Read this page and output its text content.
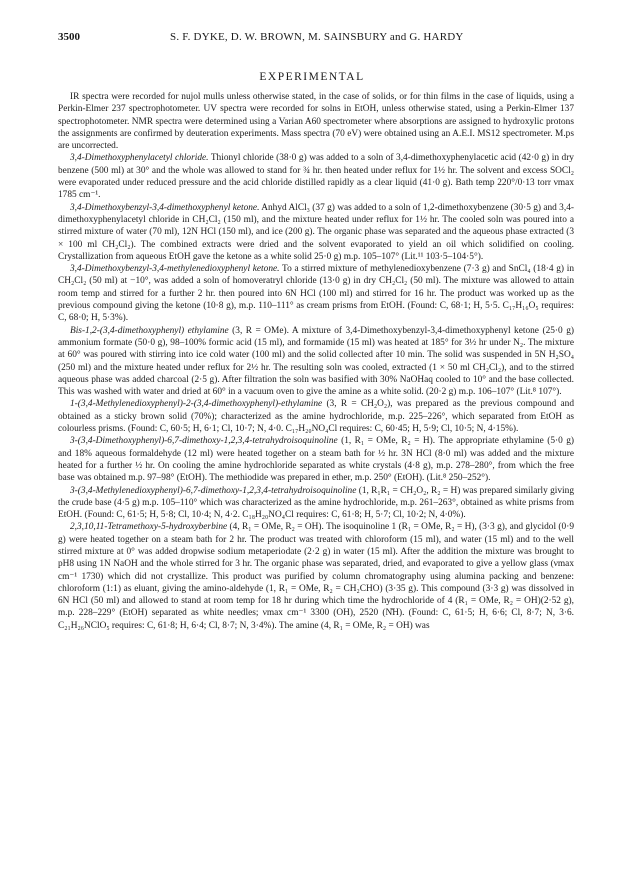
3500	S. F. DYKE, D. W. BROWN, M. SAINSBURY and G. HARDY
EXPERIMENTAL

IR spectra were recorded for nujol mulls unless otherwise stated, in the case of solids, or for thin films in the case of liquids, using a Perkin-Elmer 237 spectrophotometer. UV spectra were recorded for solns in EtOH, unless otherwise stated, using a Perkin-Elmer 137 spectrophotometer. NMR spectra were determined using a Varian A60 spectrometer where absorptions are assigned to hydroxylic protons the assignments are confirmed by deuteration experiments. Mass spectra (70 eV) were obtained using an A.E.I. MS12 spectrometer. M.ps are uncorrected.

3,4-Dimethoxyphenylacetyl chloride. Thionyl chloride (38·0 g) was added to a soln of 3,4-dimethoxyphenylacetic acid (42·0 g) in dry benzene (500 ml) at 30° and the whole was allowed to stand for ¾ hr. then heated under reflux for 1½ hr. The solvent and excess SOCl₂ were evaporated under reduced pressure and the acid chloride distilled rapidly as a clear liquid (41·0 g). Bath temp 220°/0·13 torr νmax 1785 cm⁻¹.

3,4-Dimethoxybenzyl-3,4-dimethoxyphenyl ketone. Anhyd AlCl₃ (37 g) was added to a soln of 1,2-dimethoxybenzene (30·5 g) and 3,4-dimethoxyphenylacetyl chloride in CH₂Cl₂ (150 ml), and the mixture heated under reflux for 1½ hr. The cooled soln was poured into a stirred mixture of water (70 ml), 12N HCl (150 ml), and ice (200 g). The organic phase was separated and the aqueous phase extracted (3 × 100 ml CH₂Cl₂). The combined extracts were dried and the solvent evaporated to yield an oil which solidified on cooling. Crystallization from aqueous EtOH gave the ketone as a white solid 25·0 g) m.p. 105–107° (Lit.¹¹ 103·5–104·5°).

3,4-Dimethoxybenzyl-3,4-methylenedioxyphenyl ketone. To a stirred mixture of methylenedioxybenzene (7·3 g) and SnCl₄ (18·4 g) in CH₂Cl₂ (50 ml) at −10°, was added a soln of homoveratryl chloride (13·0 g) in dry CH₂Cl₂ (50 ml). The mixture was allowed to attain room temp and stirred for a further 2 hr. then poured into 6N HCl (100 ml) and stirred for 16 hr. The product was worked up as the previous compound giving the ketone (10·8 g), m.p. 110–111° as cream prisms from EtOH. (Found: C, 68·1; H, 5·5. C₁₇H₁₆O₅ requires: C, 68·0; H, 5·3%).

Bis-1,2-(3,4-dimethoxyphenyl) ethylamine (3, R = OMe). A mixture of 3,4-Dimethoxybenzyl-3,4-dimethoxyphenyl ketone (25·0 g) ammonium formate (50·0 g), 98–100% formic acid (15 ml), and formamide (15 ml) was heated at 185° for 3½ hr under N₂. The mixture at 60° was poured with stirring into ice cold water (100 ml) and the solid collected after 10 min. The solid was suspended in 5N H₂SO₄ (250 ml) and the mixture heated under reflux for 2½ hr. The resulting soln was cooled, extracted (1 × 50 ml CH₂Cl₂), and to the stirred aqueous phase was added charcoal (2·5 g). After filtration the soln was basified with 30% NaOHaq cooled to 10° and the base collected. This was washed with water and dried at 60° in a vacuum oven to give the amine as a white solid. (20·2 g) m.p. 106–107° (Lit.⁸ 107°).

1-(3,4-Methylenedioxyphenyl)-2-(3,4-dimethoxyphenyl)-ethylamine (3, R = CH₂O₂), was prepared as the previous compound and obtained as a sticky brown solid (70%); characterized as the amine hydrochloride, m.p. 225–226°, which separated from EtOH as colourless prisms. (Found: C, 60·5; H, 6·1; Cl, 10·7; N, 4·0. C₁₇H₂₀NO₄Cl requires: C, 60·45; H, 5·9; Cl, 10·5; N, 4·15%).

3-(3,4-Dimethoxyphenyl)-6,7-dimethoxy-1,2,3,4-tetrahydroisoquinoline (1, R₁ = OMe, R₂ = H). The appropriate ethylamine (5·0 g) and 18% aqueous formaldehyde (12 ml) were heated together on a steam bath for ½ hr. 3N HCl (8·0 ml) was added and the mixture heated for a further ½ hr. On cooling the amine hydrochloride separated as white crystals (4·8 g), m.p. 278–280°, from which the free base was obtained m.p. 97–98° (EtOH). The methiodide was prepared in ether, m.p. 250° (EtOH). (Lit.⁸ 250–252°).

3-(3,4-Methylenedioxyphenyl)-6,7-dimethoxy-1,2,3,4-tetrahydroisoquinoline (1, R₁R₁ = CH₂O₂, R₂ = H) was prepared similarly giving the crude base (4·5 g) m.p. 105–110° which was characterized as the amine hydrochloride, m.p. 261–263°, obtained as white prisms from EtOH. (Found: C, 61·5; H, 5·8; Cl, 10·4; N, 4·2. C₁₈H₂₀NO₄Cl requires: C, 61·8; H, 5·7; Cl, 10·2; N, 4·0%).

2,3,10,11-Tetramethoxy-5-hydroxyberbine (4, R₁ = OMe, R₂ = OH). The isoquinoline 1 (R₁ = OMe, R₂ = H), (3·3 g), and glycidol (0·9 g) were heated together on a steam bath for 2 hr. The product was treated with chloroform (15 ml), and water (15 ml) and to the well stirred mixture at 0° was added dropwise sodium metaperiodate (2·2 g) in water (15 ml). After the addition the mixture was brought to pH8 using 1N NaOH and the whole stirred for 3 hr. The organic phase was separated, dried, and evaporated to give a yellow glass (νmax cm⁻¹ 1730) which did not crystallize. This product was purified by column chromatography using alumina packing and benzene: chloroform (1:1) as eluant, giving the amino-aldehyde (1, R₁ = OMe, R₂ = CH₂CHO) (3·35 g). This compound (3·3 g) was dissolved in 6N HCl (50 ml) and allowed to stand at room temp for 18 hr during which time the hydrochloride of 4 (R₁ = OMe, R₂ = OH)(2·52 g), m.p. 228–229° (EtOH) separated as white needles; νmax cm⁻¹ 3300 (OH), 2520 (N̊H). (Found: C, 61·5; H, 6·6; Cl, 8·7; N, 3·6. C₂₁H₂₆NClO₅ requires: C, 61·8; H, 6·4; Cl, 8·7; N, 3·4%). The amine (4, R₁ = OMe, R₂ = OH) was
